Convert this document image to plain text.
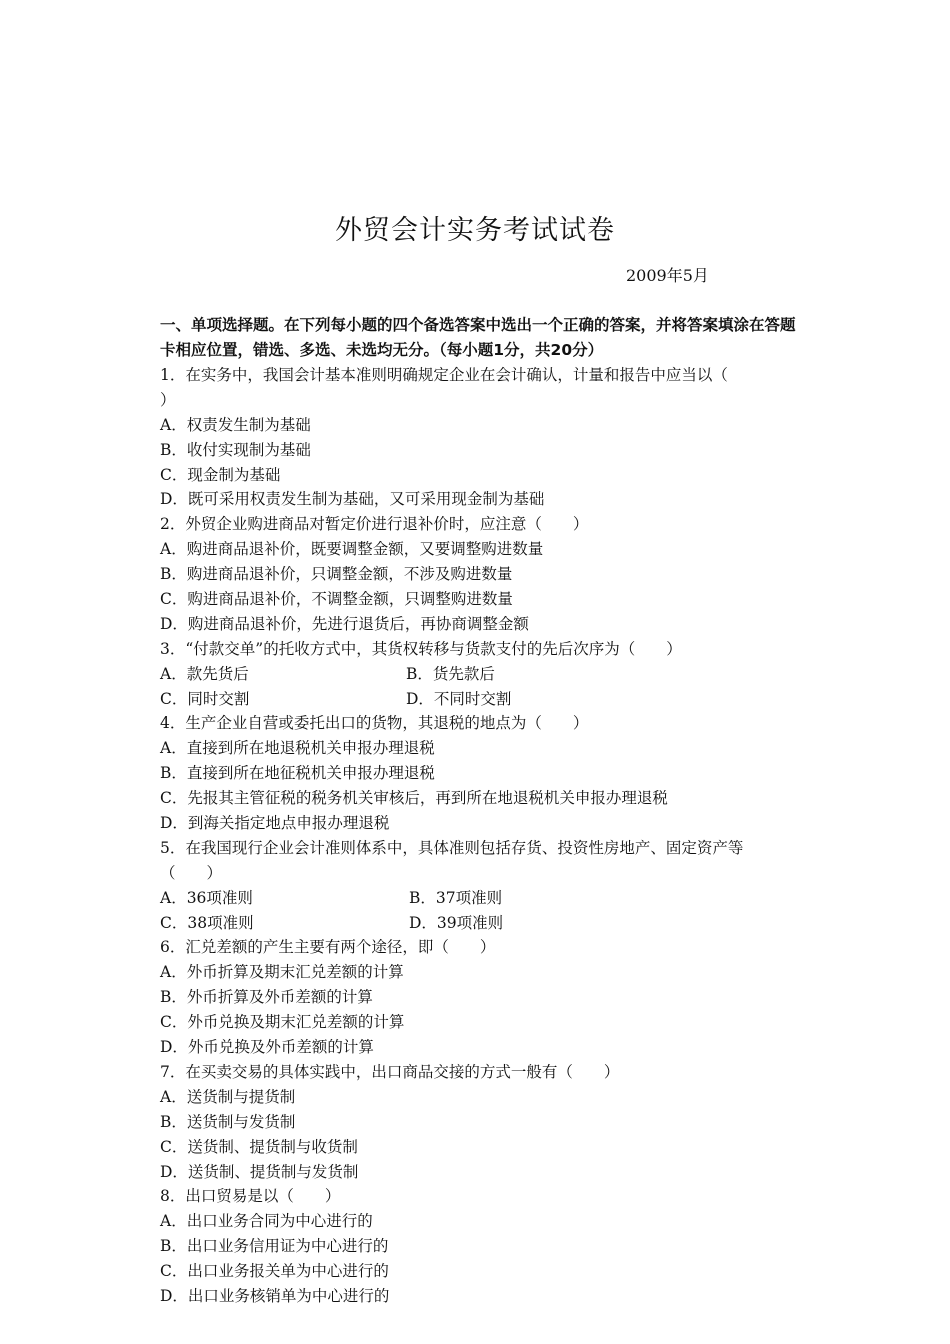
外贸会计实务考试试卷
2009年5月
一、单项选择题。在下列每小题的四个备选答案中选出一个正确的答案，并将答案填涂在答题卡相应位置，错选、多选、未选均无分。（每小题1分，共20分）
1．在实务中，我国会计基本准则明确规定企业在会计确认，计量和报告中应当以（
）
A．权责发生制为基础
B．收付实现制为基础
C．现金制为基础
D．既可采用权责发生制为基础，又可采用现金制为基础
2．外贸企业购进商品对暂定价进行退补价时，应注意（　　）
A．购进商品退补价，既要调整金额，又要调整购进数量
B．购进商品退补价，只调整金额，不涉及购进数量
C．购进商品退补价，不调整金额，只调整购进数量
D．购进商品退补价，先进行退货后，再协商调整金额
3．“付款交单”的托收方式中，其货权转移与货款支付的先后次序为（　　）
A．款先货后	B．货先款后
C．同时交割	D．不同时交割
4．生产企业自营或委托出口的货物，其退税的地点为（　　）
A．直接到所在地退税机关申报办理退税
B．直接到所在地征税机关申报办理退税
C．先报其主管征税的税务机关审核后，再到所在地退税机关申报办理退税
D．到海关指定地点申报办理退税
5．在我国现行企业会计准则体系中，具体准则包括存货、投资性房地产、固定资产等
（　　）
A．36项准则	B．37项准则
C．38项准则	D．39项准则
6．汇兑差额的产生主要有两个途径，即（　　）
A．外币折算及期末汇兑差额的计算
B．外币折算及外币差额的计算
C．外币兑换及期末汇兑差额的计算
D．外币兑换及外币差额的计算
7．在买卖交易的具体实践中，出口商品交接的方式一般有（　　）
A．送货制与提货制
B．送货制与发货制
C．送货制、提货制与收货制
D．送货制、提货制与发货制
8．出口贸易是以（　　）
A．出口业务合同为中心进行的
B．出口业务信用证为中心进行的
C．出口业务报关单为中心进行的
D．出口业务核销单为中心进行的
